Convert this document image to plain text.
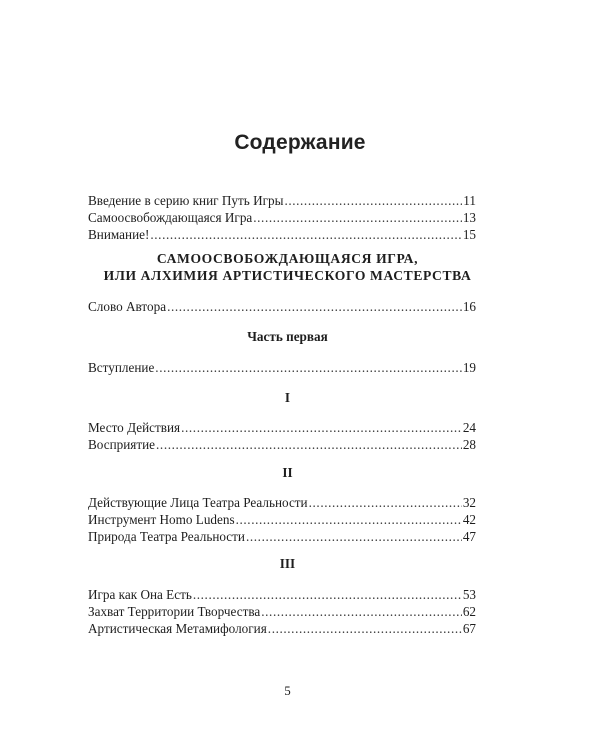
Содержание
Введение в серию книг Путь Игры .....	11
Самоосвобождающаяся Игра .....	13
Внимание! .....	15
САМООСВОБОЖДАЮЩАЯСЯ ИГРА,
ИЛИ АЛХИМИЯ АРТИСТИЧЕСКОГО МАСТЕРСТВА
Слово Автора .....	16
Часть первая
Вступление .....	19
I
Место Действия .....	24
Восприятие .....	28
II
Действующие Лица Театра Реальности .....	32
Инструмент Homo Ludens .....	42
Природа Театра Реальности .....	47
III
Игра как Она Есть .....	53
Захват Территории Творчества .....	62
Артистическая Метамифология .....	67
5
